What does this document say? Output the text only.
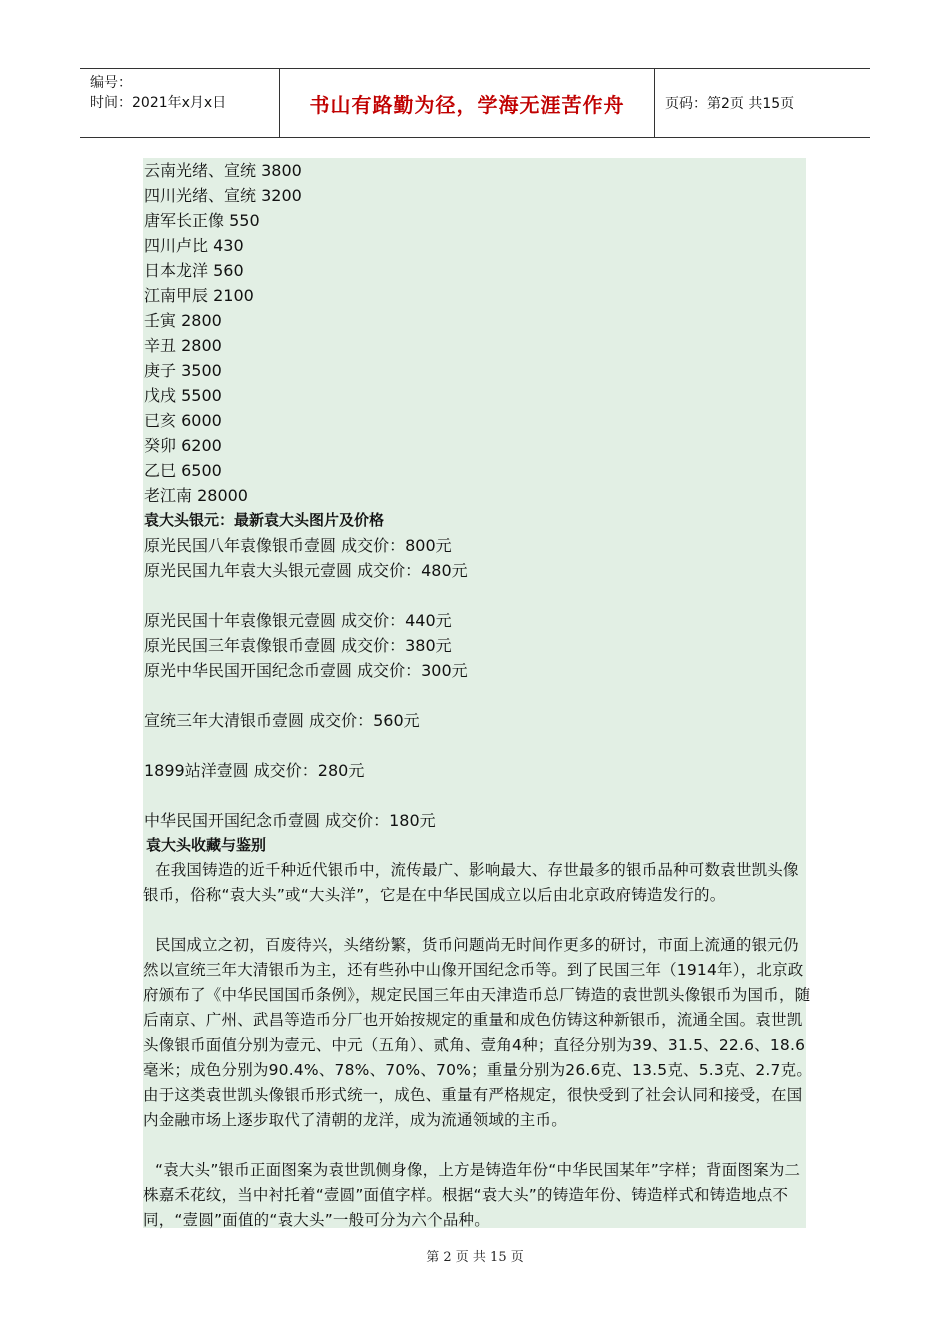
编号：
时间：2021年x月x日	书山有路勤为径，学海无涯苦作舟	页码：第2页 共15页
云南光绪、宣统 3800
四川光绪、宣统 3200
唐军长正像 550
四川卢比 430
日本龙洋 560
江南甲辰 2100
壬寅 2800
辛丑 2800
庚子 3500
戊戌 5500
已亥 6000
癸卯 6200
乙巳 6500
老江南 28000
袁大头银元：最新袁大头图片及价格
原光民国八年袁像银币壹圆 成交价：800元
原光民国九年袁大头银元壹圆 成交价：480元
原光民国十年袁像银元壹圆 成交价：440元
原光民国三年袁像银币壹圆 成交价：380元
原光中华民国开国纪念币壹圆 成交价：300元
宣统三年大清银币壹圆 成交价：560元
1899站洋壹圆 成交价：280元
中华民国开国纪念币壹圆 成交价：180元
袁大头收藏与鉴别
在我国铸造的近千种近代银币中，流传最广、影响最大、存世最多的银币品种可数袁世凯头像银币，俗称“袁大头”或“大头洋”，它是在中华民国成立以后由北京政府铸造发行的。
民国成立之初，百废待兴，头绪纷繁，货币问题尚无时间作更多的研讨，市面上流通的银元仍然以宣统三年大清银币为主，还有些孙中山像开国纪念币等。到了民国三年（1914年），北京政府颁布了《中华民国国币条例》，规定民国三年由天津造币总厂铸造的袁世凯头像银币为国币，随后南京、广州、武昌等造币分厂也开始按规定的重量和成色仿铸这种新银币，流通全国。袁世凯头像银币面值分别为壹元、中元（五角）、贰角、壹角4种；直径分别为39、31.5、22.6、18.6毫米；成色分别为90.4%、78%、70%、70%；重量分别为26.6克、13.5克、5.3克、2.7克。由于这类袁世凯头像银币形式统一，成色、重量有严格规定，很快受到了社会认同和接受，在国内金融市场上逐步取代了清朝的龙洋，成为流通领域的主币。
“袁大头”银币正面图案为袁世凯侧身像，上方是铸造年份“中华民国某年”字样；背面图案为二株嘉禾花纹，当中衬托着“壹圆”面值字样。根据“袁大头”的铸造年份、铸造样式和铸造地点不同，“壹圆”面值的“袁大头”一般可分为六个品种。
第 2 页 共 15 页
